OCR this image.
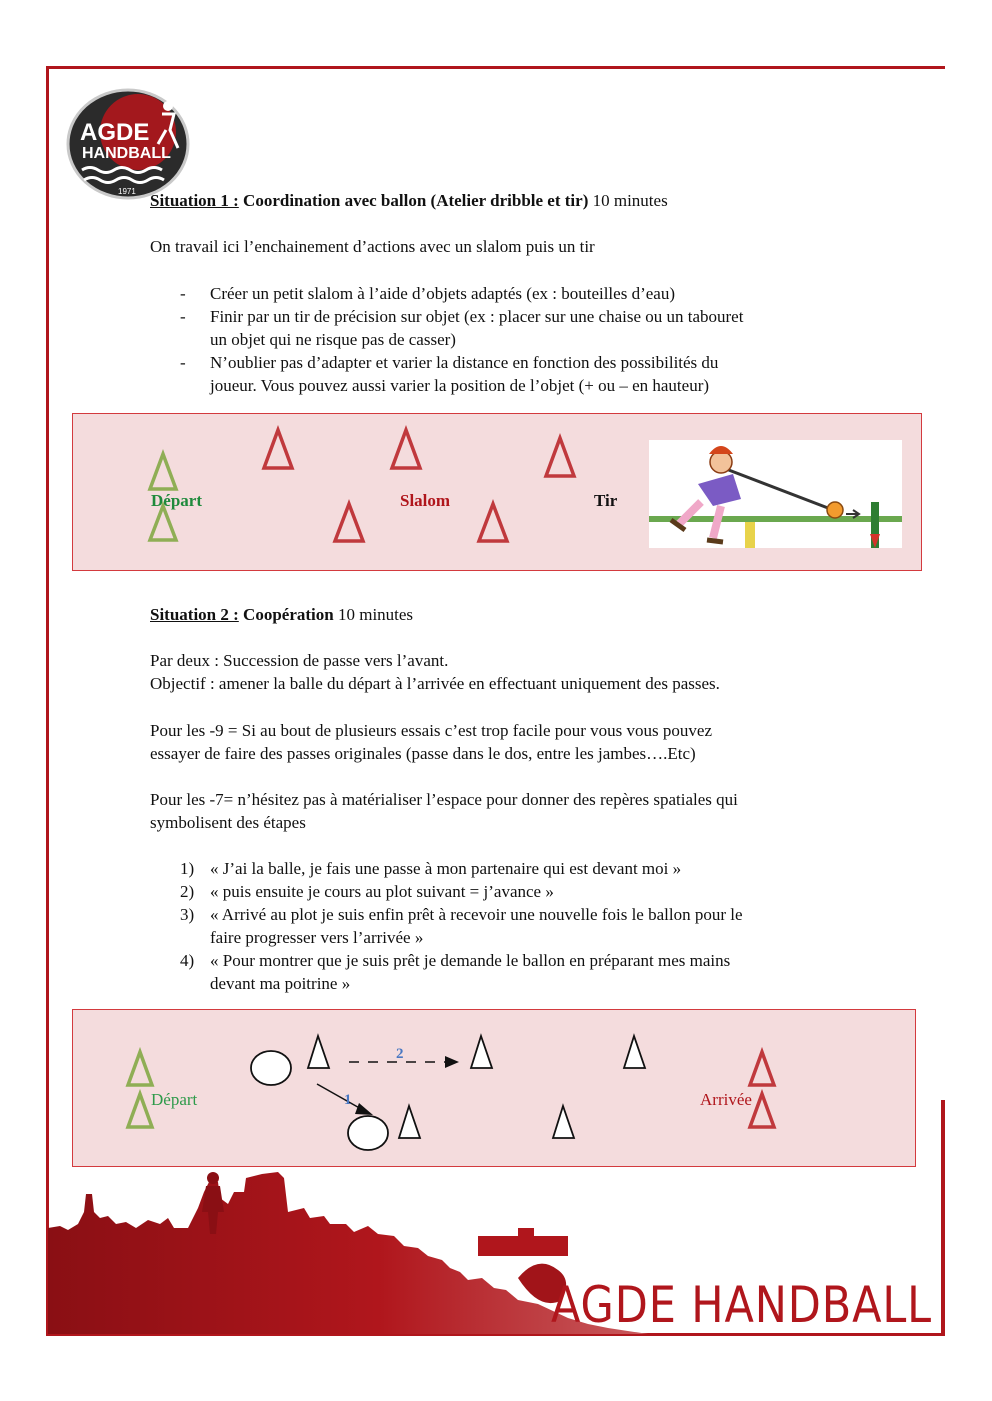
AGDE
HANDBALL
1971 Situation 1 : Coordination avec ballon (Atelier dribble et tir) 10 minutes
On travail ici l’enchainement d’actions avec un slalom puis un tir
- Créer un petit slalom à l’aide d’objets adaptés (ex : bouteilles d’eau)
- Finir par un tir de précision sur objet (ex : placer sur une chaise ou un tabouret
un objet qui ne risque pas de casser)
- N’oublier pas d’adapter et varier la distance en fonction des possibilités du
joueur. Vous pouvez aussi varier la position de l’objet (+ ou – en hauteur)
Départ	Slalom	Tir
Situation 2 : Coopération 10 minutes
Par deux : Succession de passe vers l’avant.
Objectif : amener la balle du départ à l’arrivée en effectuant uniquement des passes.
Pour les -9 = Si au bout de plusieurs essais c’est trop facile pour vous vous pouvez
essayer de faire des passes originales (passe dans le dos, entre les jambes….Etc)
Pour les -7= n’hésitez pas à matérialiser l’espace pour donner des repères spatiales qui
symbolisent des étapes
1) « J’ai la balle, je fais une passe à mon partenaire qui est devant moi »
2) « puis ensuite je cours au plot suivant = j’avance »
3) « Arrivé au plot je suis enfin prêt à recevoir une nouvelle fois le ballon pour le
faire progresser vers l’arrivée »
4) « Pour montrer que je suis prêt je demande le ballon en préparant mes mains
devant ma poitrine »
Départ	Arrivée
2
1
AGDE HANDBALL
